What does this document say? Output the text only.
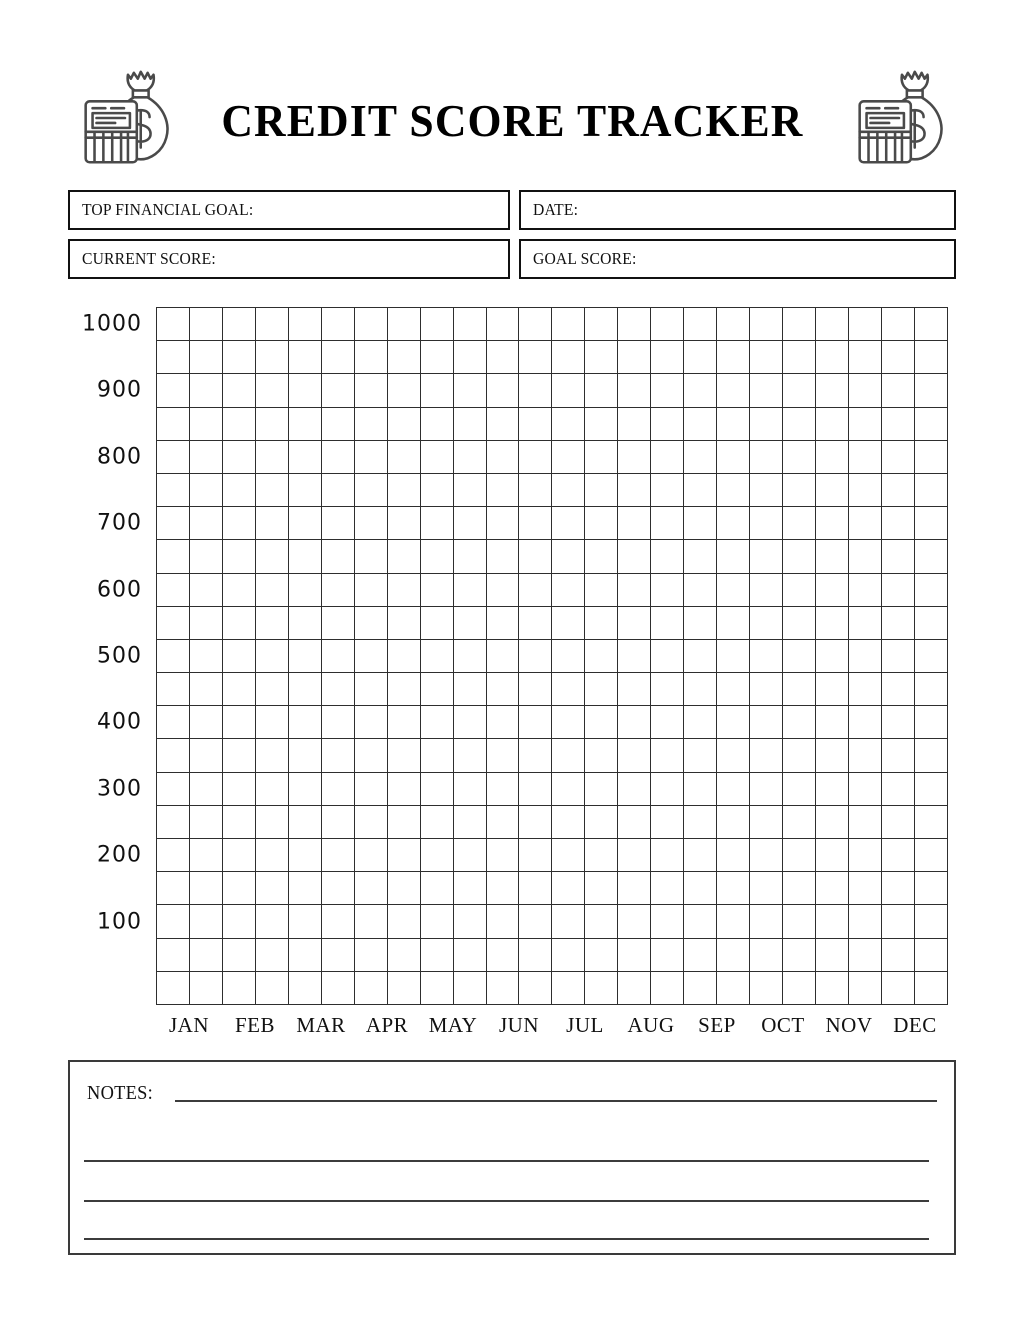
CREDIT SCORE TRACKER
TOP FINANCIAL GOAL:	DATE:
CURRENT SCORE:	GOAL SCORE:
1000
900
800
700
600
500
400
300
200
100

JAN	FEB	MAR APR MAY	JUN	JUL	AUG	SEP	OCT NOV DEC
NOTES:
